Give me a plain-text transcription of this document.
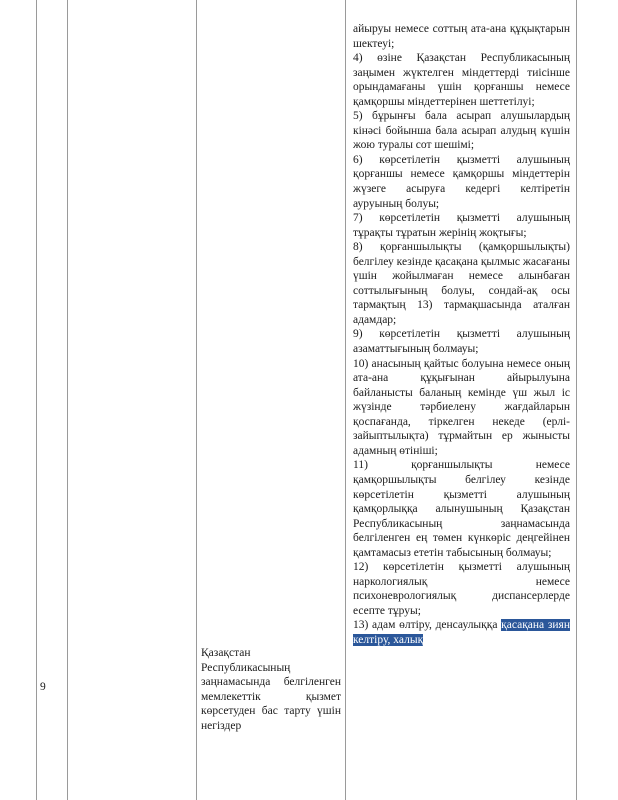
9
Қазақстан Республикасының заңнамасында белгіленген мемлекеттік қызмет көрсетуден бас тарту үшін негіздер

айыруы немесе соттың ата-ана құқықтарын шектеуі;

4) өзіне Қазақстан Республикасының заңымен жүктелген міндеттерді тиісінше орындамағаны үшін қорғаншы немесе қамқоршы міндеттерінен шеттетілуі;

5) бұрынғы бала асырап алушылардың кінәсі бойынша бала асырап алудың күшін жою туралы сот шешімі;

6) көрсетілетін қызметті алушының қорғаншы немесе қамқоршы міндеттерін жүзеге асыруға кедергі келтіретін ауруының болуы;

7) көрсетілетін қызметті алушының тұрақты тұратын жерінің жоқтығы;

8) қорғаншылықты (қамқоршылықты) белгілеу кезінде қасақана қылмыс жасағаны үшін жойылмаған немесе алынбаған соттылығының болуы, сондай-ақ осы тармақтың 13) тармақшасында аталған адамдар;

9) көрсетілетін қызметті алушының азаматтығының болмауы;

10) анасының қайтыс болуына немесе оның ата-ана құқығынан айырылуына байланысты баланың кемінде үш жыл іс жүзінде тәрбиелену жағдайларын қоспағанда, тіркелген некеде (ерлі-зайыптылықта) тұрмайтын ер жынысты адамның өтініші;

11) қорғаншылықты немесе қамқоршылықты белгілеу кезінде көрсетілетін қызметті алушының қамқорлыққа алынушының Қазақстан Республикасының заңнамасында белгіленген ең төмен күнкөріс деңгейінен қамтамасыз ететін табысының болмауы;

12) көрсетілетін қызметті алушының наркологиялық немесе психоневрологиялық диспансерлерде есепте тұруы;

13) адам өлтіру, денсаулыққа қасақана зиян келтіру, халық
